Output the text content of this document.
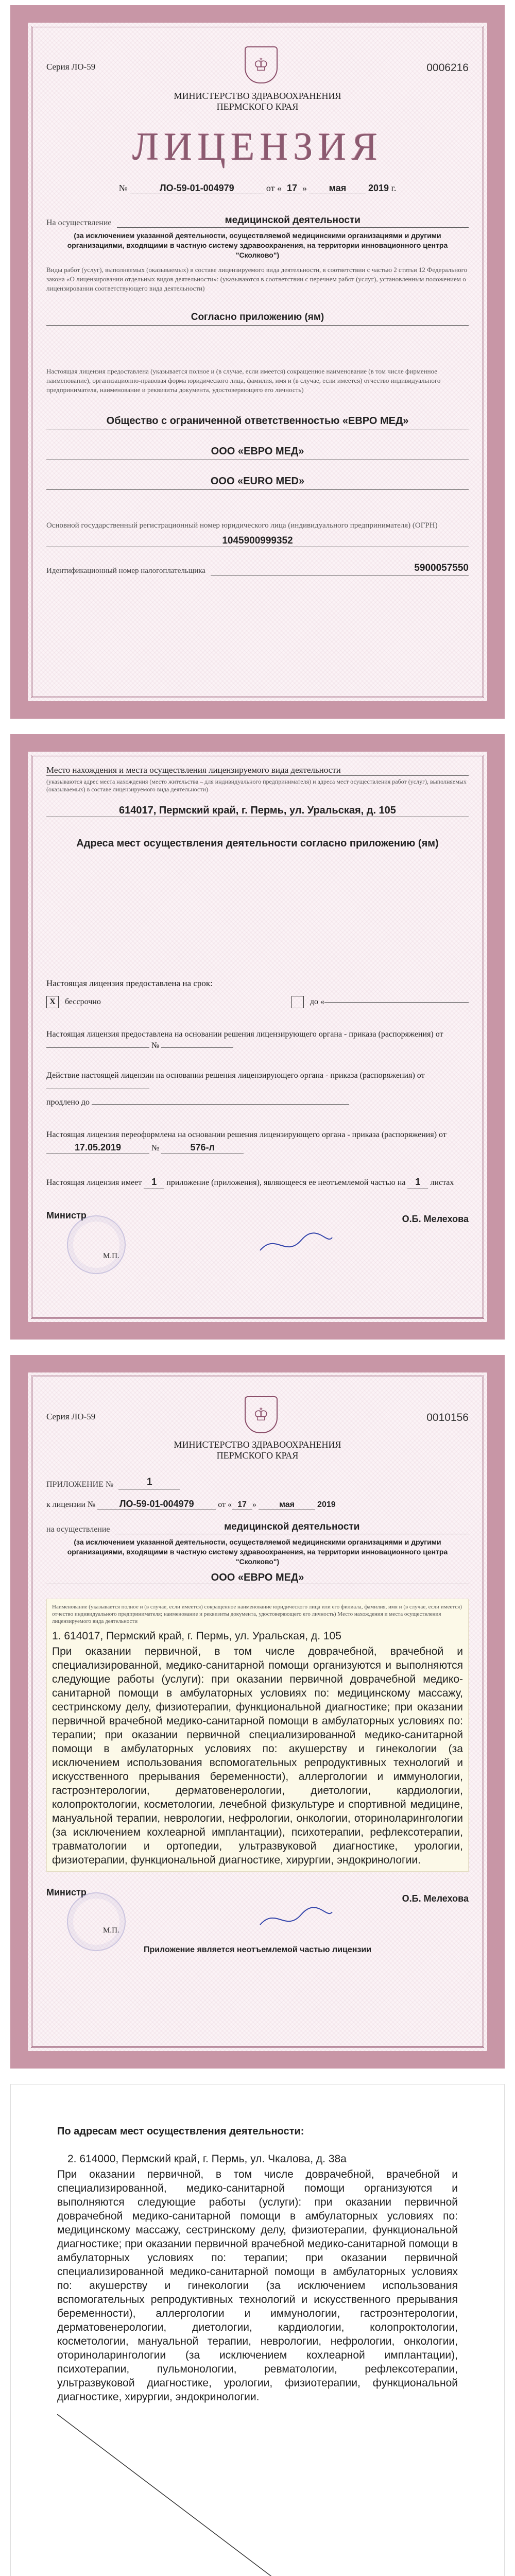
Серия ЛО-59	♔	0006216
МИНИСТЕРСТВО ЗДРАВООХРАНЕНИЯ
ПЕРМСКОГО КРАЯ
ЛИЦЕНЗИЯ
№	ЛО-59-01-004979	от « 17 » мая 2019 г.
На осуществление	медицинской деятельности
(за исключением указанной деятельности, осуществляемой медицинскими организациями и другими организациями, входящими в частную систему здравоохранения, на территории инновационного центра "Сколково")
Виды работ (услуг), выполняемых (оказываемых) в составе лицензируемого вида деятельности, в соответствии с частью 2 статьи 12 Федерального закона «О лицензировании отдельных видов деятельности»: (указываются в соответствии с перечнем работ (услуг), установленным положением о лицензировании соответствующего вида деятельности)
Согласно приложению (ям)
Настоящая лицензия предоставлена (указывается полное и (в случае, если имеется) сокращенное наименование (в том числе фирменное наименование), организационно-правовая форма юридического лица, фамилия, имя и (в случае, если имеется) отчество индивидуального предпринимателя, наименование и реквизиты документа, удостоверяющего его личность)
Общество с ограниченной ответственностью «ЕВРО МЕД»
ООО «ЕВРО МЕД»
ООО «EURO MED»
Основной государственный регистрационный номер юридического лица (индивидуального предпринимателя) (ОГРН)
1045900999352
Идентификационный номер налогоплательщика	5900057550
Место нахождения и места осуществления лицензируемого вида деятельности
(указываются адрес места нахождения (место жительства – для индивидуального предпринимателя) и адреса мест осуществления работ (услуг), выполняемых (оказываемых) в составе лицензируемого вида деятельности)
614017, Пермский край, г. Пермь, ул. Уральская, д. 105
Адреса мест осуществления деятельности согласно приложению (ям)
Настоящая лицензия предоставлена на срок:
X	бессрочно	до «
Настоящая лицензия предоставлена на основании решения лицензирующего органа - приказа (распоряжения) от  №
Действие настоящей лицензии на основании решения лицензирующего органа - приказа (распоряжения) от
продлено до
Настоящая лицензия переоформлена на основании решения лицензирующего органа - приказа (распоряжения) от 17.05.2019	№	576-л
Настоящая лицензия имеет 1 приложение (приложения), являющееся ее неотъемлемой частью на 1 листах
Министр
М.П.
О.Б. Мелехова
Серия ЛО-59	♔	0010156
МИНИСТЕРСТВО ЗДРАВООХРАНЕНИЯ
ПЕРМСКОГО КРАЯ
ПРИЛОЖЕНИЕ №	1
к лицензии №	ЛО-59-01-004979	от « 17 »	мая	2019
на осуществление	медицинской деятельности
(за исключением указанной деятельности, осуществляемой медицинскими организациями и другими организациями, входящими в частную систему здравоохранения, на территории инновационного центра "Сколково")
ООО «ЕВРО МЕД»
Наименование (указывается полное и (в случае, если имеется) сокращенное наименование юридического лица или его филиала, фамилия, имя и (в случае, если имеется) отчество индивидуального предпринимателя; наименование и реквизиты документа, удостоверяющего его личность) Место нахождения и места осуществления лицензируемого вида деятельности
1. 614017, Пермский край, г. Пермь, ул. Уральская, д. 105
При оказании первичной, в том числе доврачебной, врачебной и специализированной, медико-санитарной помощи организуются и выполняются следующие работы (услуги): при оказании первичной доврачебной медико-санитарной помощи в амбулаторных условиях по: медицинскому массажу, сестринскому делу, физиотерапии, функциональной диагностике; при оказании первичной врачебной медико-санитарной помощи в амбулаторных условиях по: терапии; при оказании первичной специализированной медико-санитарной помощи в амбулаторных условиях по: акушерству и гинекологии (за исключением использования вспомогательных репродуктивных технологий и искусственного прерывания беременности), аллергологии и иммунологии, гастроэнтерологии, дерматовенерологии, диетологии, кардиологии, колопроктологии, косметологии, лечебной физкультуре и спортивной медицине, мануальной терапии, неврологии, нефрологии, онкологии, оториноларингологии (за исключением кохлеарной имплантации), психотерапии, рефлексотерапии, травматологии и ортопедии, ультразвуковой диагностике, урологии, физиотерапии, функциональной диагностике, хирургии, эндокринологии.
Министр
М.П.
О.Б. Мелехова
Приложение является неотъемлемой частью лицензии
По адресам мест осуществления деятельности:
2. 614000, Пермский край, г. Пермь, ул. Чкалова, д. 38а
При оказании первичной, в том числе доврачебной, врачебной и специализированной, медико-санитарной помощи организуются и выполняются следующие работы (услуги): при оказании первичной доврачебной медико-санитарной помощи в амбулаторных условиях по: медицинскому массажу, сестринскому делу, физиотерапии, функциональной диагностике; при оказании первичной врачебной медико-санитарной помощи в амбулаторных условиях по: терапии; при оказании первичной специализированной медико-санитарной помощи в амбулаторных условиях по: акушерству и гинекологии (за исключением использования вспомогательных репродуктивных технологий и искусственного прерывания беременности), аллергологии и иммунологии, гастроэнтерологии, дерматовенерологии, диетологии, кардиологии, колопроктологии, косметологии, мануальной терапии, неврологии, нефрологии, онкологии, оториноларингологии (за исключением кохлеарной имплантации), психотерапии, пульмонологии, ревматологии, рефлексотерапии, ультразвуковой диагностике, урологии, физиотерапии, функциональной диагностике, хирургии, эндокринологии.
